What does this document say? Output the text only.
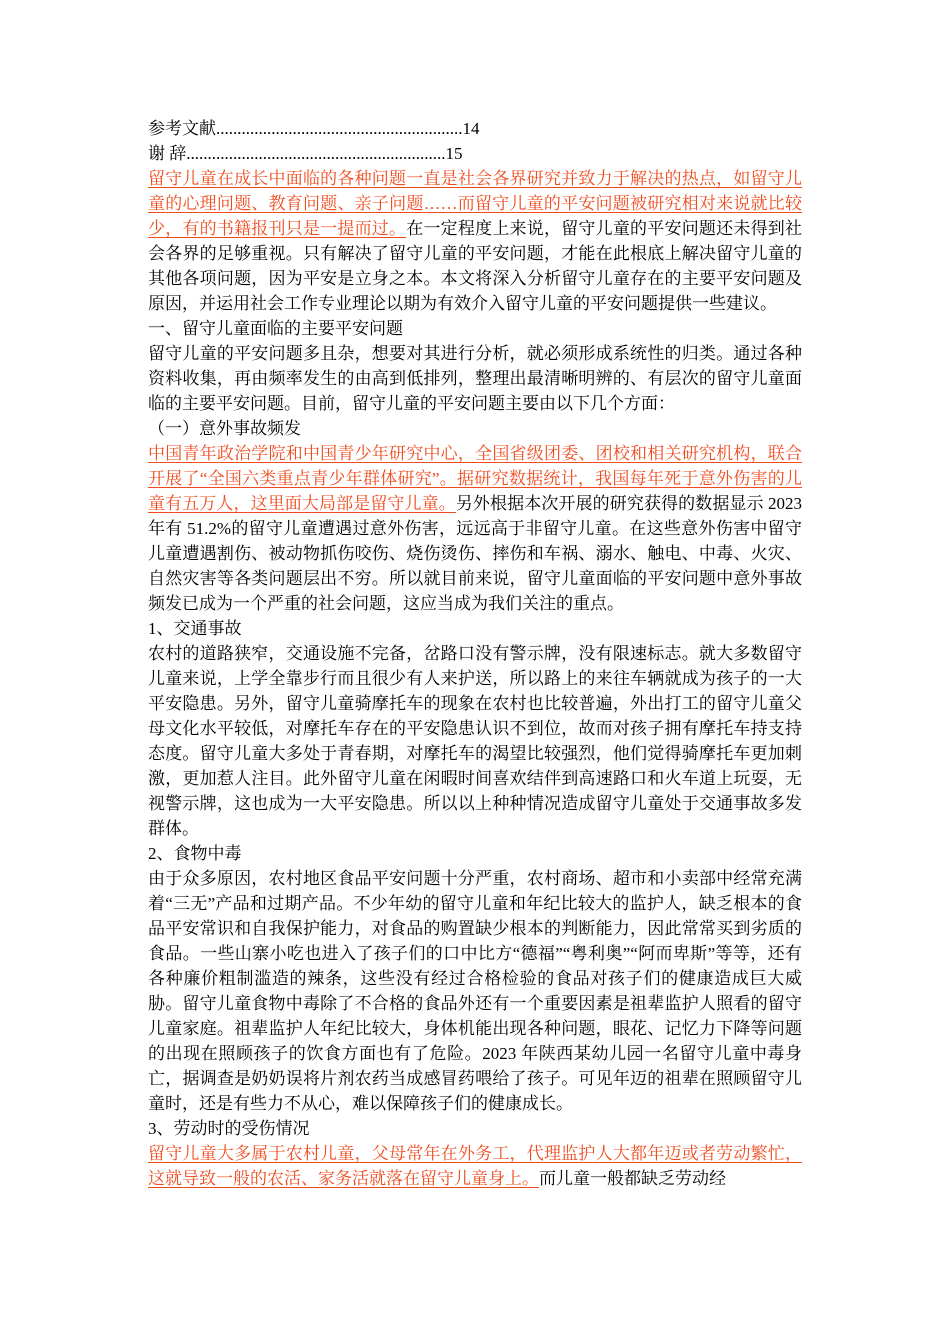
参考文献..........................................................14

谢 辞.............................................................15

留守儿童在成长中面临的各种问题一直是社会各界研究并致力于解决的热点，如留守儿童的心理问题、教育问题、亲子问题……而留守儿童的平安问题被研究相对来说就比较少，有的书籍报刊只是一提而过。在一定程度上来说，留守儿童的平安问题还未得到社会各界的足够重视。只有解决了留守儿童的平安问题，才能在此根底上解决留守儿童的其他各项问题，因为平安是立身之本。本文将深入分析留守儿童存在的主要平安问题及原因，并运用社会工作专业理论以期为有效介入留守儿童的平安问题提供一些建议。

一、留守儿童面临的主要平安问题

留守儿童的平安问题多且杂，想要对其进行分析，就必须形成系统性的归类。通过各种资料收集，再由频率发生的由高到低排列，整理出最清晰明辨的、有层次的留守儿童面临的主要平安问题。目前，留守儿童的平安问题主要由以下几个方面：

（一）意外事故频发

中国青年政治学院和中国青少年研究中心，全国省级团委、团校和相关研究机构，联合开展了“全国六类重点青少年群体研究”。据研究数据统计，我国每年死于意外伤害的儿童有五万人，这里面大局部是留守儿童。另外根据本次开展的研究获得的数据显示 2023 年有 51.2%的留守儿童遭遇过意外伤害，远远高于非留守儿童。在这些意外伤害中留守儿童遭遇割伤、被动物抓伤咬伤、烧伤烫伤、摔伤和车祸、溺水、触电、中毒、火灾、自然灾害等各类问题层出不穷。所以就目前来说，留守儿童面临的平安问题中意外事故频发已成为一个严重的社会问题，这应当成为我们关注的重点。

1、交通事故

农村的道路狭窄，交通设施不完备，岔路口没有警示牌，没有限速标志。就大多数留守儿童来说，上学全靠步行而且很少有人来护送，所以路上的来往车辆就成为孩子的一大平安隐患。另外，留守儿童骑摩托车的现象在农村也比较普遍，外出打工的留守儿童父母文化水平较低，对摩托车存在的平安隐患认识不到位，故而对孩子拥有摩托车持支持态度。留守儿童大多处于青春期，对摩托车的渴望比较强烈，他们觉得骑摩托车更加刺激，更加惹人注目。此外留守儿童在闲暇时间喜欢结伴到高速路口和火车道上玩耍，无视警示牌，这也成为一大平安隐患。所以以上种种情况造成留守儿童处于交通事故多发群体。

2、食物中毒

由于众多原因，农村地区食品平安问题十分严重，农村商场、超市和小卖部中经常充满着“三无”产品和过期产品。不少年幼的留守儿童和年纪比较大的监护人，缺乏根本的食品平安常识和自我保护能力，对食品的购置缺少根本的判断能力，因此常常买到劣质的食品。一些山寨小吃也进入了孩子们的口中比方“德福”“粤利奥”“阿而卑斯”等等，还有各种廉价粗制滥造的辣条，这些没有经过合格检验的食品对孩子们的健康造成巨大威胁。留守儿童食物中毒除了不合格的食品外还有一个重要因素是祖辈监护人照看的留守儿童家庭。祖辈监护人年纪比较大，身体机能出现各种问题，眼花、记忆力下降等问题的出现在照顾孩子的饮食方面也有了危险。2023 年陕西某幼儿园一名留守儿童中毒身亡，据调查是奶奶误将片剂农药当成感冒药喂给了孩子。可见年迈的祖辈在照顾留守儿童时，还是有些力不从心，难以保障孩子们的健康成长。

3、劳动时的受伤情况

留守儿童大多属于农村儿童，父母常年在外务工，代理监护人大都年迈或者劳动繁忙，这就导致一般的农活、家务活就落在留守儿童身上。而儿童一般都缺乏劳动经
